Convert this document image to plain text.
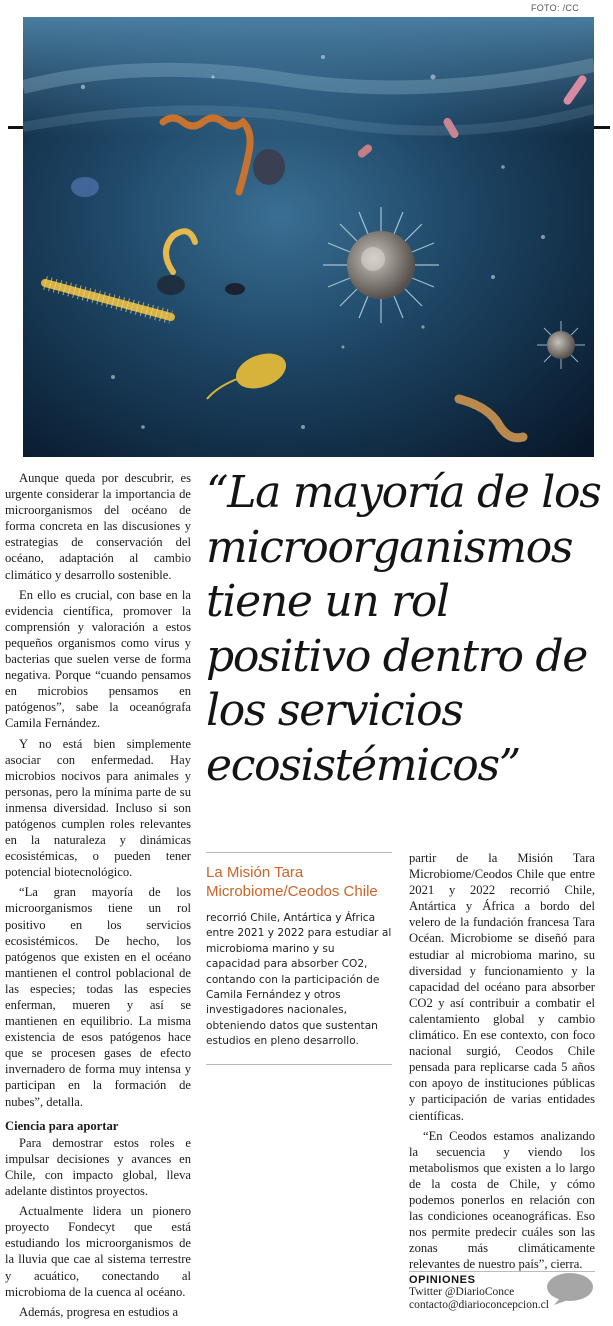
FOTO: /CC

Aunque queda por descubrir, es urgente considerar la importancia de microorganismos del océano de forma concreta en las discusiones y estrategias de conservación del océano, adaptación al cambio climático y desarrollo sostenible.

En ello es crucial, con base en la evidencia científica, promover la comprensión y valoración a estos pequeños organismos como virus y bacterias que suelen verse de forma negativa. Porque “cuando pensamos en microbios pensamos en patógenos”, sabe la oceanógrafa Camila Fernández.

Y no está bien simplemente asociar con enfermedad. Hay microbios nocivos para animales y personas, pero la mínima parte de su inmensa diversidad. Incluso si son patógenos cumplen roles relevantes en la naturaleza y dinámicas ecosistémicas, o pueden tener potencial biotecnológico.

“La gran mayoría de los microorganismos tiene un rol positivo en los servicios ecosistémicos. De hecho, los patógenos que existen en el océano mantienen el control poblacional de las especies; todas las especies enferman, mueren y así se mantienen en equilibrio. La misma existencia de esos patógenos hace que se procesen gases de efecto invernadero de forma muy intensa y participan en la formación de nubes”, detalla.

Ciencia para aportar

Para demostrar estos roles e impulsar decisiones y avances en Chile, con impacto global, lleva adelante distintos proyectos.

Actualmente lidera un pionero proyecto Fondecyt que está estudiando los microorganismos de la lluvia que cae al sistema terrestre y acuático, conectando al microbioma de la cuenca al océano.

Además, progresa en estudios a

“La mayoría de los microorganismos tiene un rol positivo dentro de los servicios ecosistémicos”
La Misión Tara Microbiome/Ceodos Chile
recorrió Chile, Antártica y África entre 2021 y 2022 para estudiar al microbioma marino y su capacidad para absorber CO2, contando con la participación de Camila Fernández y otros investigadores nacionales, obteniendo datos que sustentan estudios en pleno desarrollo.

partir de la Misión Tara Microbiome/Ceodos Chile que entre 2021 y 2022 recorrió Chile, Antártica y África a bordo del velero de la fundación francesa Tara Océan. Microbiome se diseñó para estudiar al microbioma marino, su diversidad y funcionamiento y la capacidad del océano para absorber CO2 y así contribuir a combatir el calentamiento global y cambio climático. En ese contexto, con foco nacional surgió, Ceodos Chile pensada para replicarse cada 5 años con apoyo de instituciones públicas y participación de varias entidades científicas.

“En Ceodos estamos analizando la secuencia y viendo los metabolismos que existen a lo largo de la costa de Chile, y cómo podemos ponerlos en relación con las condiciones oceanográficas. Eso nos permite predecir cuáles son las zonas más climáticamente relevantes de nuestro país”, cierra.

OPINIONES
Twitter @DiarioConce
contacto@diarioconcepcion.cl
